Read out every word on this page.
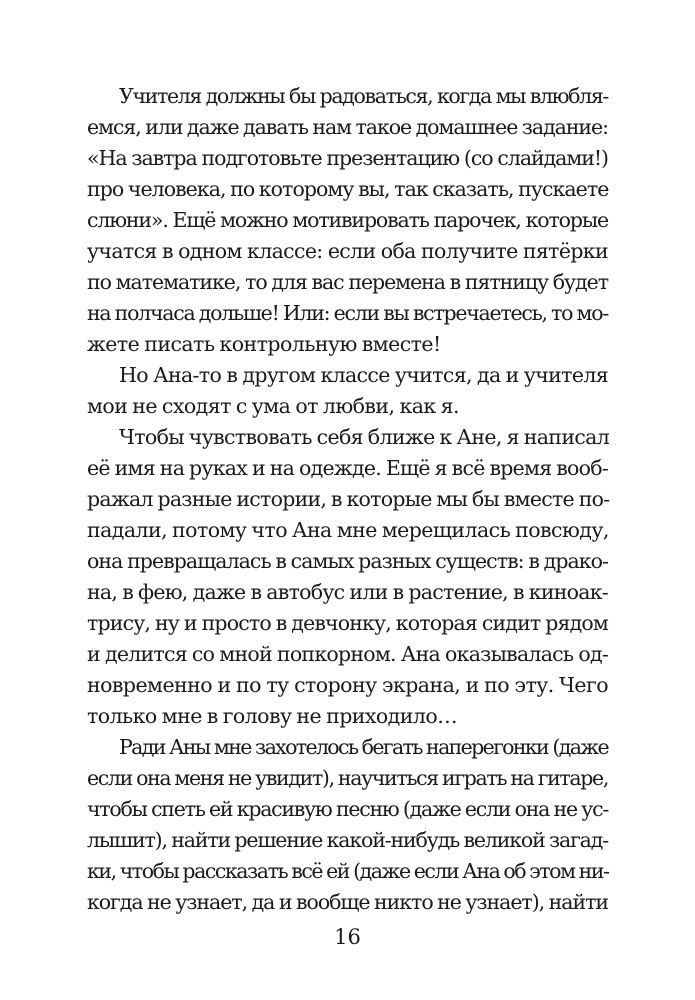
Учителя должны бы радоваться, когда мы влюбля-
емся, или даже давать нам такое домашнее задание:
«На завтра подготовьте презентацию (со слайдами!)
про человека, по которому вы, так сказать, пускаете
слюни». Ещё можно мотивировать парочек, которые
учатся в одном классе: если оба получите пятёрки
по математике, то для вас перемена в пятницу будет
на полчаса дольше! Или: если вы встречаетесь, то мо-
жете писать контрольную вместе!
Но Ана-то в другом классе учится, да и учителя
мои не сходят с ума от любви, как я.
Чтобы чувствовать себя ближе к Ане, я написал
её имя на руках и на одежде. Ещё я всё время вооб-
ражал разные истории, в которые мы бы вместе по-
падали, потому что Ана мне мерещилась повсюду,
она превращалась в самых разных существ: в драко-
на, в фею, даже в автобус или в растение, в киноак-
трису, ну и просто в девчонку, которая сидит рядом
и делится со мной попкорном. Ана оказывалась од-
новременно и по ту сторону экрана, и по эту. Чего
только мне в голову не приходило…
Ради Аны мне захотелось бегать наперегонки (даже
если она меня не увидит), научиться играть на гитаре,
чтобы спеть ей красивую песню (даже если она не ус-
лышит), найти решение какой-нибудь великой загад-
ки, чтобы рассказать всё ей (даже если Ана об этом ни-
когда не узнает, да и вообще никто не узнает), найти
16
